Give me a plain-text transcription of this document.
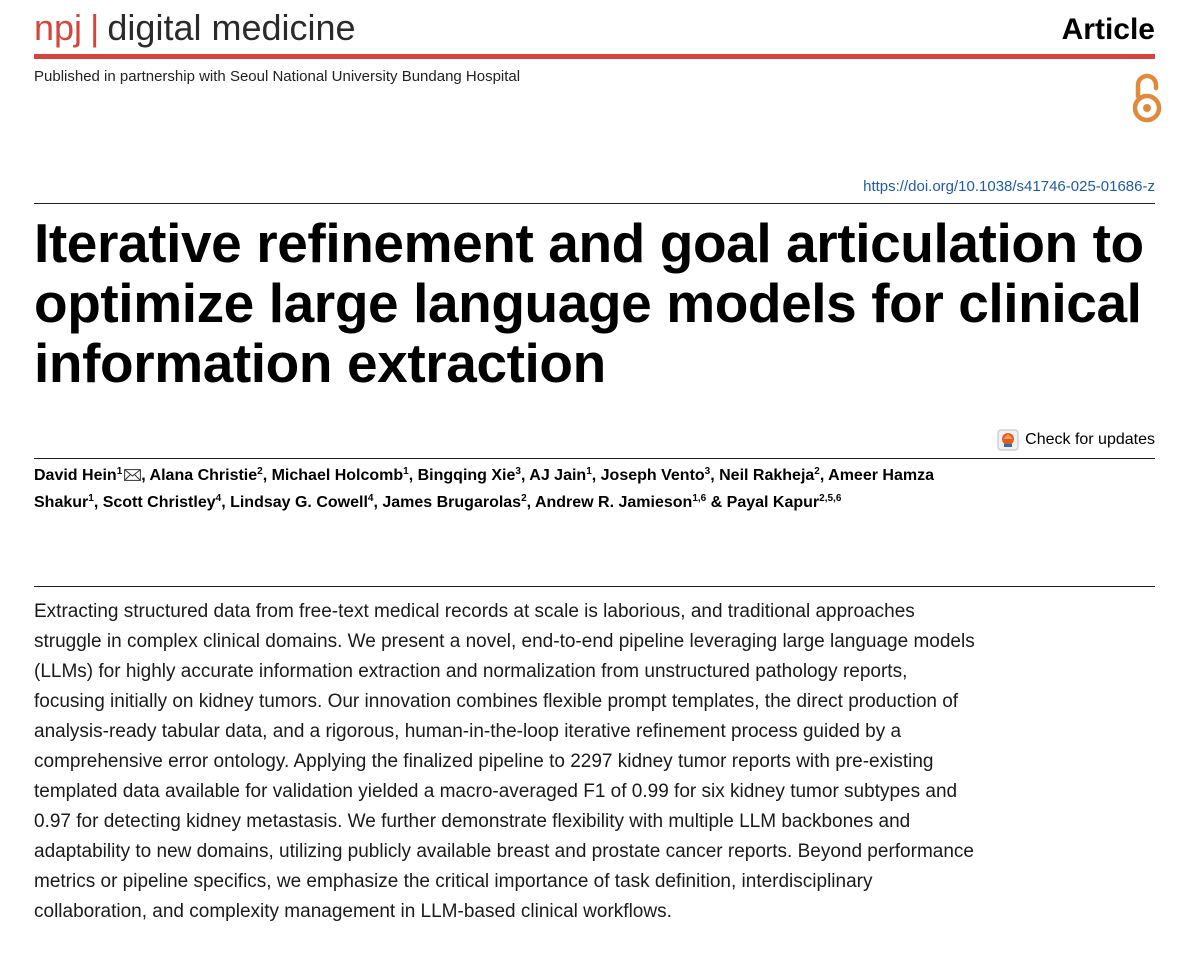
npj | digital medicine	Article
Published in partnership with Seoul National University Bundang Hospital
https://doi.org/10.1038/s41746-025-01686-z
Iterative refinement and goal articulation to optimize large language models for clinical information extraction
Check for updates
David Hein$^1$ , Alana Christie$^2$, Michael Holcomb$^1$, Bingqing Xie$^3$, AJ Jain$^1$, Joseph Vento$^3$, Neil Rakheja$^2$, Ameer Hamza Shakur$^1$, Scott Christley$^4$, Lindsay G. Cowell$^4$, James Brugarolas$^2$, Andrew R. Jamieson$^{1,6}$ & Payal Kapur$^{2,5,6}$

Extracting structured data from free-text medical records at scale is laborious, and traditional approaches struggle in complex clinical domains. We present a novel, end-to-end pipeline leveraging large language models (LLMs) for highly accurate information extraction and normalization from unstructured pathology reports, focusing initially on kidney tumors. Our innovation combines flexible prompt templates, the direct production of analysis-ready tabular data, and a rigorous, human-in-the-loop iterative refinement process guided by a comprehensive error ontology. Applying the finalized pipeline to 2297 kidney tumor reports with pre-existing templated data available for validation yielded a macro-averaged F1 of 0.99 for six kidney tumor subtypes and 0.97 for detecting kidney metastasis. We further demonstrate flexibility with multiple LLM backbones and adaptability to new domains, utilizing publicly available breast and prostate cancer reports. Beyond performance metrics or pipeline specifics, we emphasize the critical importance of task definition, interdisciplinary collaboration, and complexity management in LLM-based clinical workflows.
